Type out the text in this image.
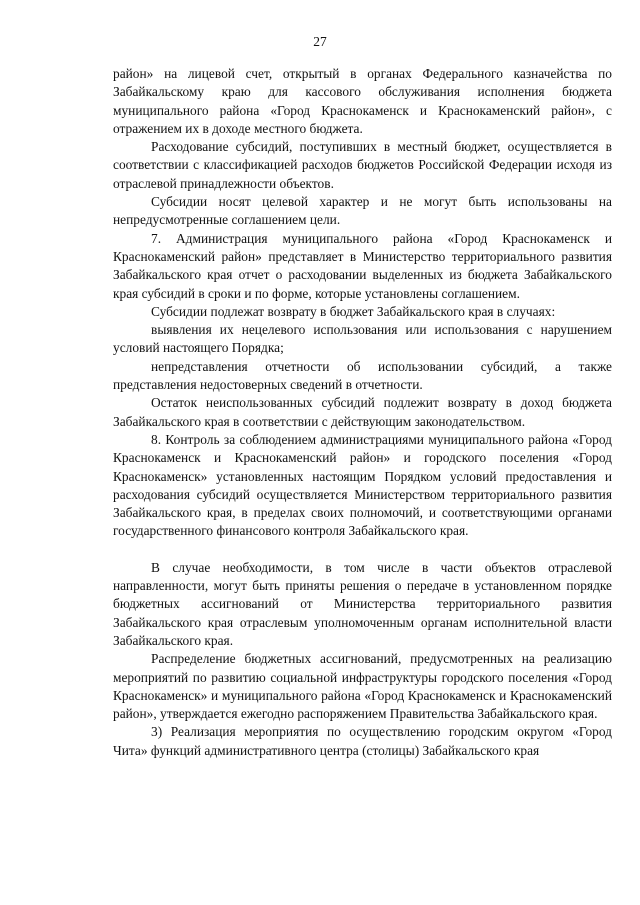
27

район» на лицевой счет, открытый в органах Федерального казначейства по Забайкальскому краю для кассового обслуживания исполнения бюджета муниципального района «Город Краснокаменск и Краснокаменский район», с отражением их в доходе местного бюджета.

Расходование субсидий, поступивших в местный бюджет, осуществляется в соответствии с классификацией расходов бюджетов Российской Федерации исходя из отраслевой принадлежности объектов.

Субсидии носят целевой характер и не могут быть использованы на непредусмотренные соглашением цели.

7. Администрация муниципального района «Город Краснокаменск и Краснокаменский район» представляет в Министерство территориального развития Забайкальского края отчет о расходовании выделенных из бюджета Забайкальского края субсидий в сроки и по форме, которые установлены соглашением.

Субсидии подлежат возврату в бюджет Забайкальского края в случаях:

выявления их нецелевого использования или использования с нарушением условий настоящего Порядка;

непредставления отчетности об использовании субсидий, а также представления недостоверных сведений в отчетности.

Остаток неиспользованных субсидий подлежит возврату в доход бюджета Забайкальского края в соответствии с действующим законодательством.

8. Контроль за соблюдением администрациями муниципального района «Город Краснокаменск и Краснокаменский район» и городского поселения «Город Краснокаменск» установленных настоящим Порядком условий предоставления и расходования субсидий осуществляется Министерством территориального развития Забайкальского края, в пределах своих полномочий, и соответствующими органами государственного финансового контроля Забайкальского края.

В случае необходимости, в том числе в части объектов отраслевой направленности, могут быть приняты решения о передаче в установленном порядке бюджетных ассигнований от Министерства территориального развития Забайкальского края отраслевым уполномоченным органам исполнительной власти Забайкальского края.

Распределение бюджетных ассигнований, предусмотренных на реализацию мероприятий по развитию социальной инфраструктуры городского поселения «Город Краснокаменск» и муниципального района «Город Краснокаменск и Краснокаменский район», утверждается ежегодно распоряжением Правительства Забайкальского края.

3) Реализация мероприятия по осуществлению городским округом «Город Чита» функций административного центра (столицы) Забайкальского края
